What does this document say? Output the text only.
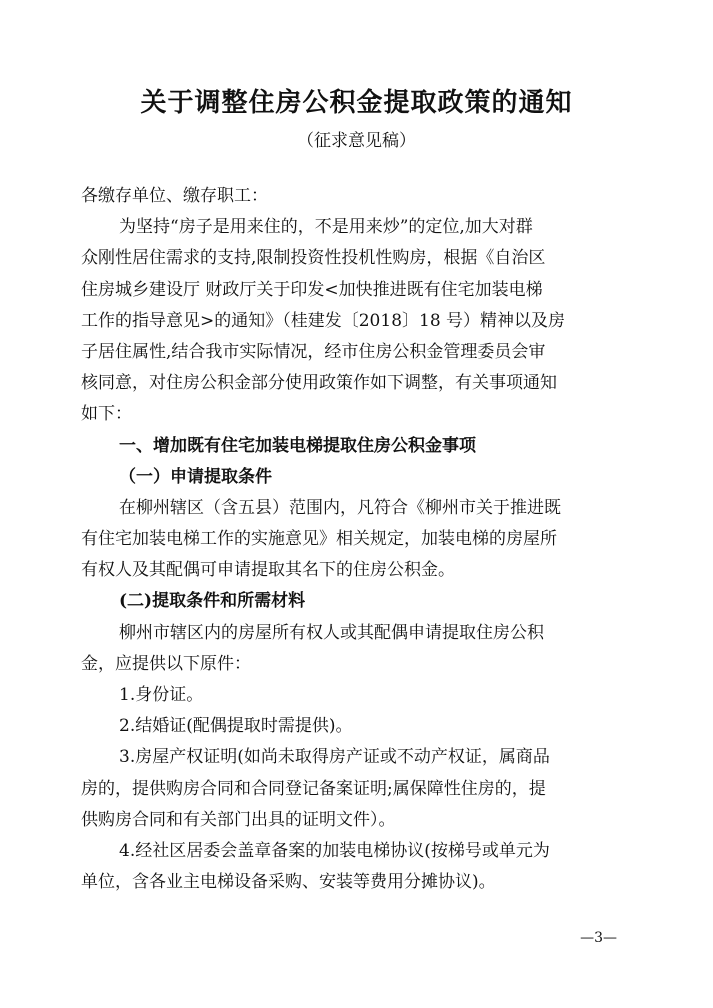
关于调整住房公积金提取政策的通知
（征求意见稿）
各缴存单位、缴存职工：
为坚持“房子是用来住的，不是用来炒”的定位,加大对群
众刚性居住需求的支持,限制投资性投机性购房，根据《自治区
住房城乡建设厅 财政厅关于印发<加快推进既有住宅加装电梯
工作的指导意见>的通知》（桂建发〔2018〕18 号）精神以及房
子居住属性,结合我市实际情况，经市住房公积金管理委员会审
核同意，对住房公积金部分使用政策作如下调整，有关事项通知
如下：
一、增加既有住宅加装电梯提取住房公积金事项
（一）申请提取条件
在柳州辖区（含五县）范围内，凡符合《柳州市关于推进既
有住宅加装电梯工作的实施意见》相关规定，加装电梯的房屋所
有权人及其配偶可申请提取其名下的住房公积金。
(二)提取条件和所需材料
柳州市辖区内的房屋所有权人或其配偶申请提取住房公积
金，应提供以下原件：
1.身份证。
2.结婚证(配偶提取时需提供)。
3.房屋产权证明(如尚未取得房产证或不动产权证，属商品
房的，提供购房合同和合同登记备案证明;属保障性住房的，提
供购房合同和有关部门出具的证明文件）。
4.经社区居委会盖章备案的加装电梯协议(按梯号或单元为
单位，含各业主电梯设备采购、安装等费用分摊协议)。
—3—
